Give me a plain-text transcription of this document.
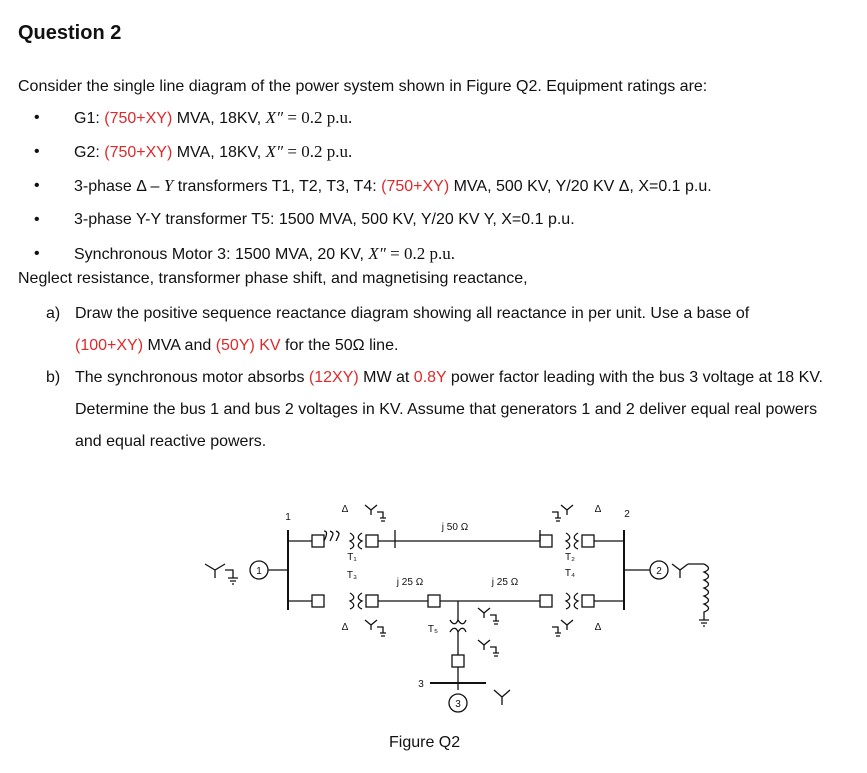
Question 2
Consider the single line diagram of the power system shown in Figure Q2. Equipment ratings are:
• G1: (750+XY) MVA, 18KV, X″ = 0.2 p.u.
• G2: (750+XY) MVA, 18KV, X″ = 0.2 p.u.
• 3-phase Δ – Y transformers T1, T2, T3, T4: (750+XY) MVA, 500 KV, Y/20 KV Δ, X=0.1 p.u.
• 3-phase Y-Y transformer T5: 1500 MVA, 500 KV, Y/20 KV Y, X=0.1 p.u.
• Synchronous Motor 3: 1500 MVA, 20 KV, X″ = 0.2 p.u.
Neglect resistance, transformer phase shift, and magnetising reactance,
a) Draw the positive sequence reactance diagram showing all reactance in per unit. Use a base of
(100+XY) MVA and (50Y) KV for the 50Ω line.
b) The synchronous motor absorbs (12XY) MW at 0.8Y power factor leading with the bus 3 voltage at 18 KV. Determine the bus 1 and bus 2 voltages in KV. Assume that generators 1 and 2 deliver equal real powers and equal reactive powers.
1
1
T₁
T₃
Δ
Δ
j 50 Ω
j 25 Ω	j 25 Ω
T₅
3
3
T₂
T₄
Δ
Δ
2
2
Figure Q2
